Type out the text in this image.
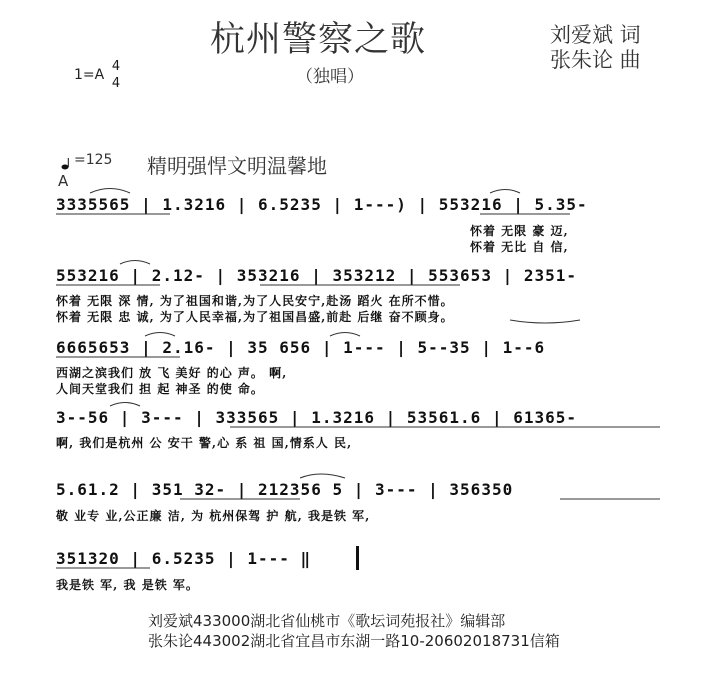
杭州警察之歌
（独唱）
刘爱斌 词
张朱论 曲
1=A
4
4
=125 精明强悍文明温馨地
A
3335565 | 1.3216 | 6.5235 | 1---) | 553216 | 5.35-
怀着 无限 豪 迈,
怀着 无比 自 信,
553216 | 2.12- | 353216 | 353212 | 553653 | 2351-
怀着 无限 深 情, 为了祖国和谐,为了人民安宁,赴汤 蹈火 在所不惜。
怀着 无限 忠 诚, 为了人民幸福,为了祖国昌盛,前赴 后继 奋不顾身。
6665653 | 2.16- | 35 656 | 1--- | 5--35 | 1--6
西湖之滨我们 放 飞 美好 的心 声。 啊,
人间天堂我们 担 起 神圣 的使 命。
3--56 | 3--- | 333565 | 1.3216 | 53561.6 | 61365-
啊, 我们是杭州 公 安干 警,心 系 祖 国,情系人 民,
5.61.2 | 351 32- | 212356 5 | 3--- | 356350
敬 业专 业,公正廉 洁, 为 杭州保驾 护 航, 我是铁 军,
351320 | 6.5235 | 1--- ‖
我是铁 军, 我 是铁 军。
刘爱斌433000湖北省仙桃市《歌坛词苑报社》编辑部
张朱论443002湖北省宜昌市东湖一路10-20602018731信箱
